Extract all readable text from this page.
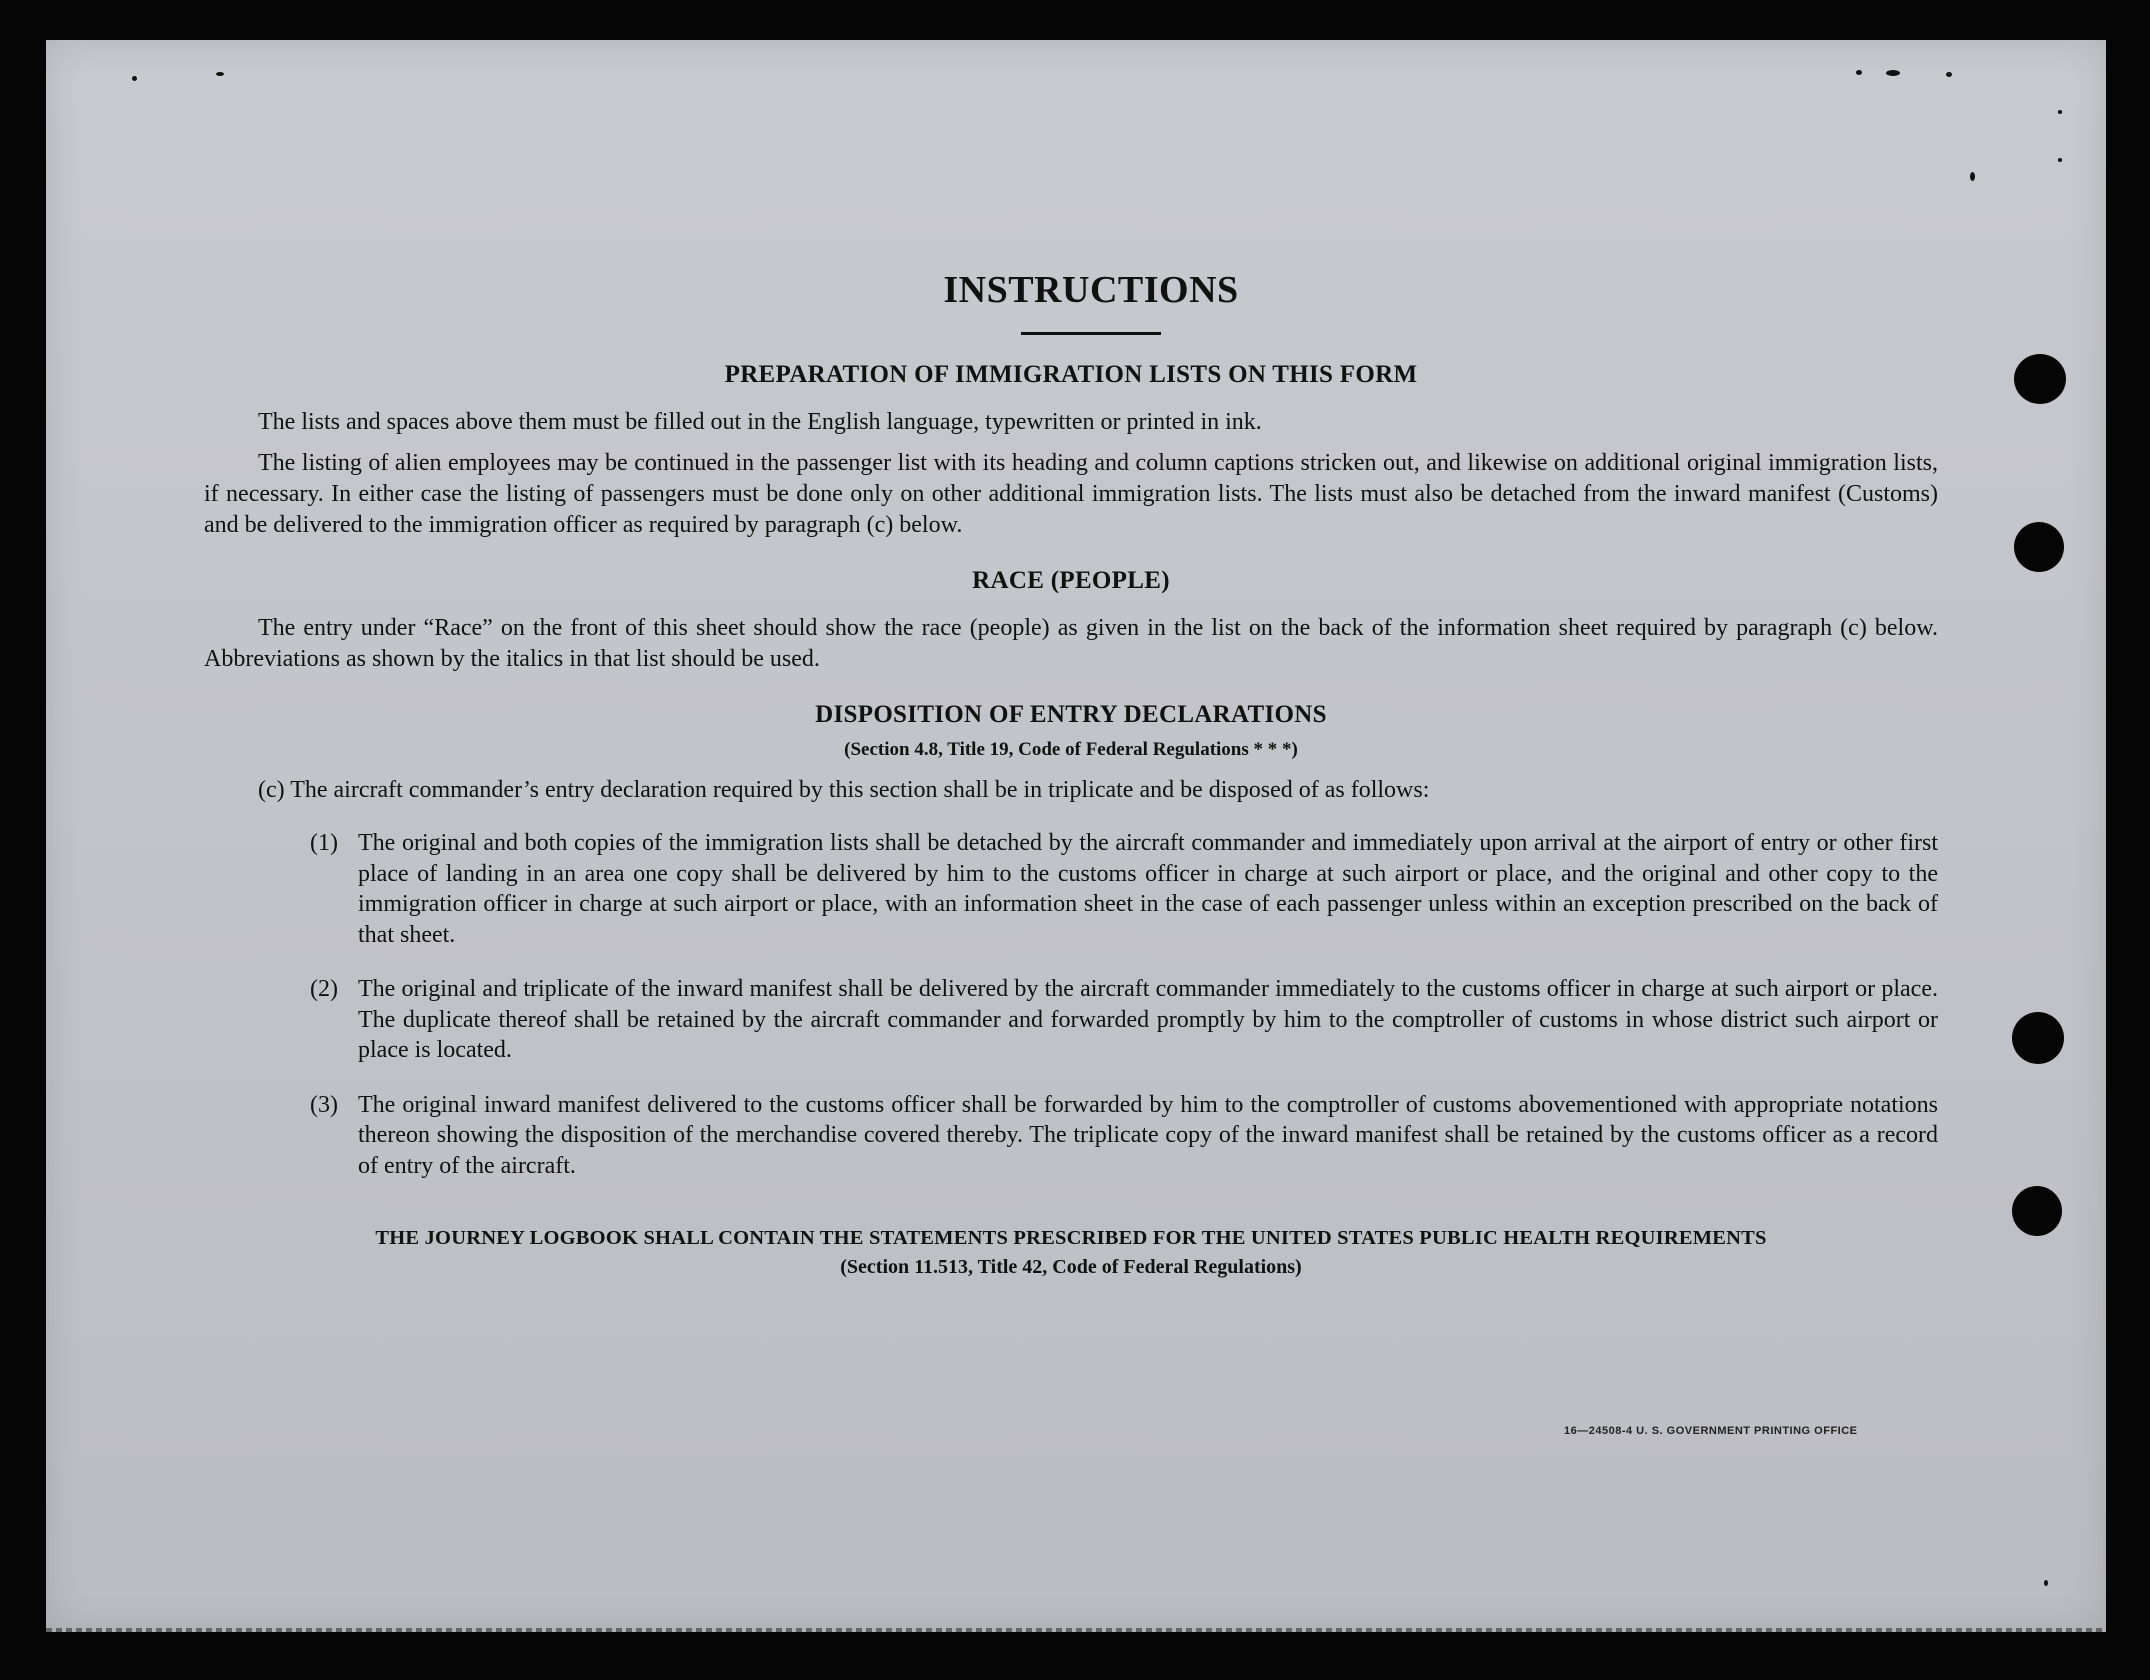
INSTRUCTIONS
PREPARATION OF IMMIGRATION LISTS ON THIS FORM

The lists and spaces above them must be filled out in the English language, typewritten or printed in ink.

The listing of alien employees may be continued in the passenger list with its heading and column captions stricken out, and likewise on additional original immigration lists, if necessary. In either case the listing of passengers must be done only on other additional immigration lists. The lists must also be detached from the inward manifest (Customs) and be delivered to the immigration officer as required by paragraph (c) below.

RACE (PEOPLE)

The entry under “Race” on the front of this sheet should show the race (people) as given in the list on the back of the information sheet required by paragraph (c) below. Abbreviations as shown by the italics in that list should be used.

DISPOSITION OF ENTRY DECLARATIONS

(Section 4.8, Title 19, Code of Federal Regulations * * *)

(c) The aircraft commander’s entry declaration required by this section shall be in triplicate and be disposed of as follows:

(1) The original and both copies of the immigration lists shall be detached by the aircraft commander and immediately upon arrival at the airport of entry or other first place of landing in an area one copy shall be delivered by him to the customs officer in charge at such airport or place, and the original and other copy to the immigration officer in charge at such airport or place, with an information sheet in the case of each passenger unless within an exception prescribed on the back of that sheet.
(2) The original and triplicate of the inward manifest shall be delivered by the aircraft commander immediately to the customs officer in charge at such airport or place. The duplicate thereof shall be retained by the aircraft commander and forwarded promptly by him to the comptroller of customs in whose district such airport or place is located.
(3) The original inward manifest delivered to the customs officer shall be forwarded by him to the comptroller of customs abovementioned with appropriate notations thereon showing the disposition of the merchandise covered thereby. The triplicate copy of the inward manifest shall be retained by the customs officer as a record of entry of the aircraft.

THE JOURNEY LOGBOOK SHALL CONTAIN THE STATEMENTS PRESCRIBED FOR THE UNITED STATES PUBLIC HEALTH REQUIREMENTS

(Section 11.513, Title 42, Code of Federal Regulations)

16—24508-4 U. S. GOVERNMENT PRINTING OFFICE
